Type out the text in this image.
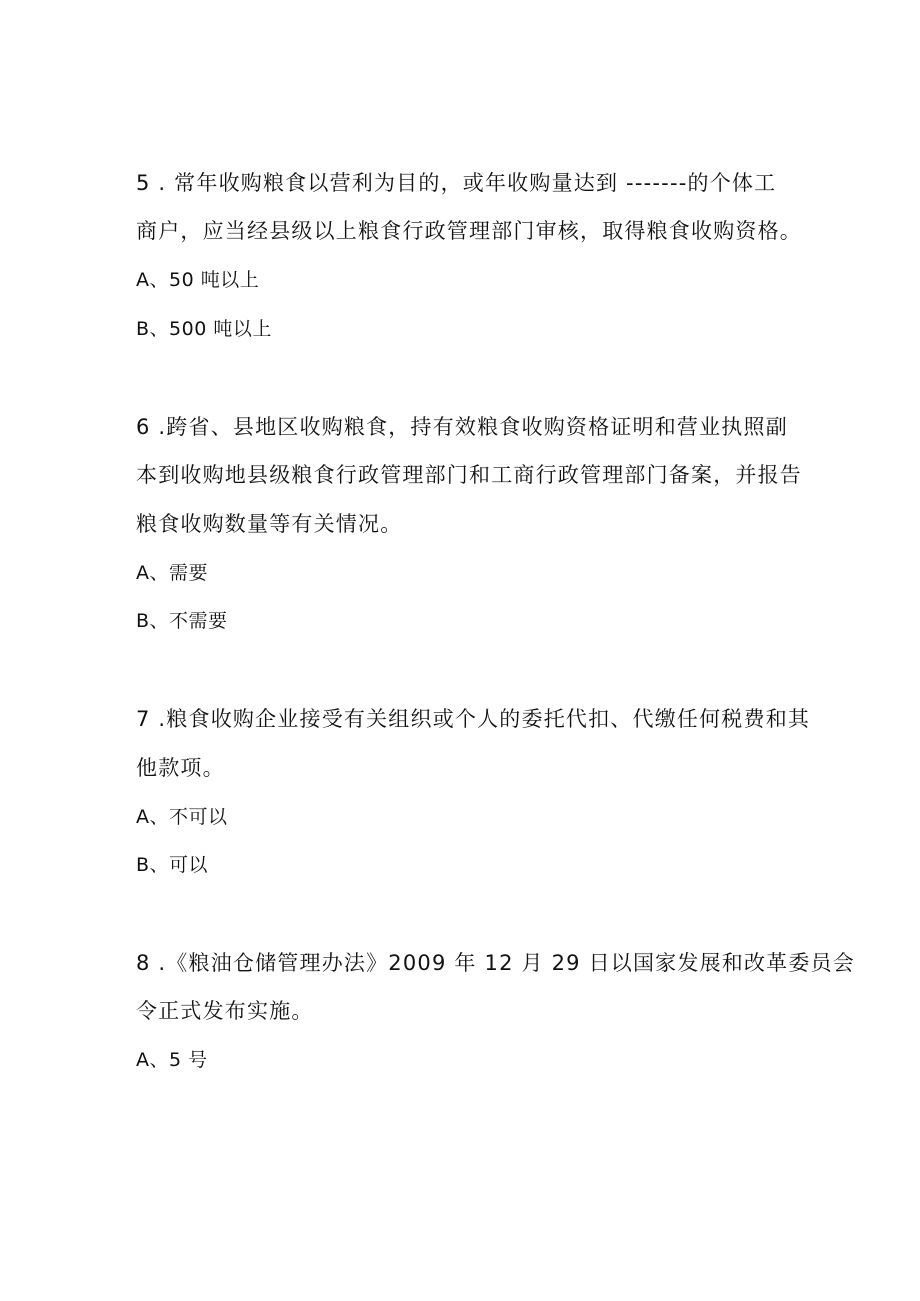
5 . 常年收购粮食以营利为目的，或年收购量达到 -------的个体工
商户，应当经县级以上粮食行政管理部门审核，取得粮食收购资格。
A、50 吨以上
B、500 吨以上
6 .跨省、县地区收购粮食，持有效粮食收购资格证明和营业执照副
本到收购地县级粮食行政管理部门和工商行政管理部门备案，并报告
粮食收购数量等有关情况。
A、需要
B、不需要
7 .粮食收购企业接受有关组织或个人的委托代扣、代缴任何税费和其
他款项。
A、不可以
B、可以
8 .《粮油仓储管理办法》2009 年 12 月 29 日以国家发展和改革委员会
令正式发布实施。
A、5 号
